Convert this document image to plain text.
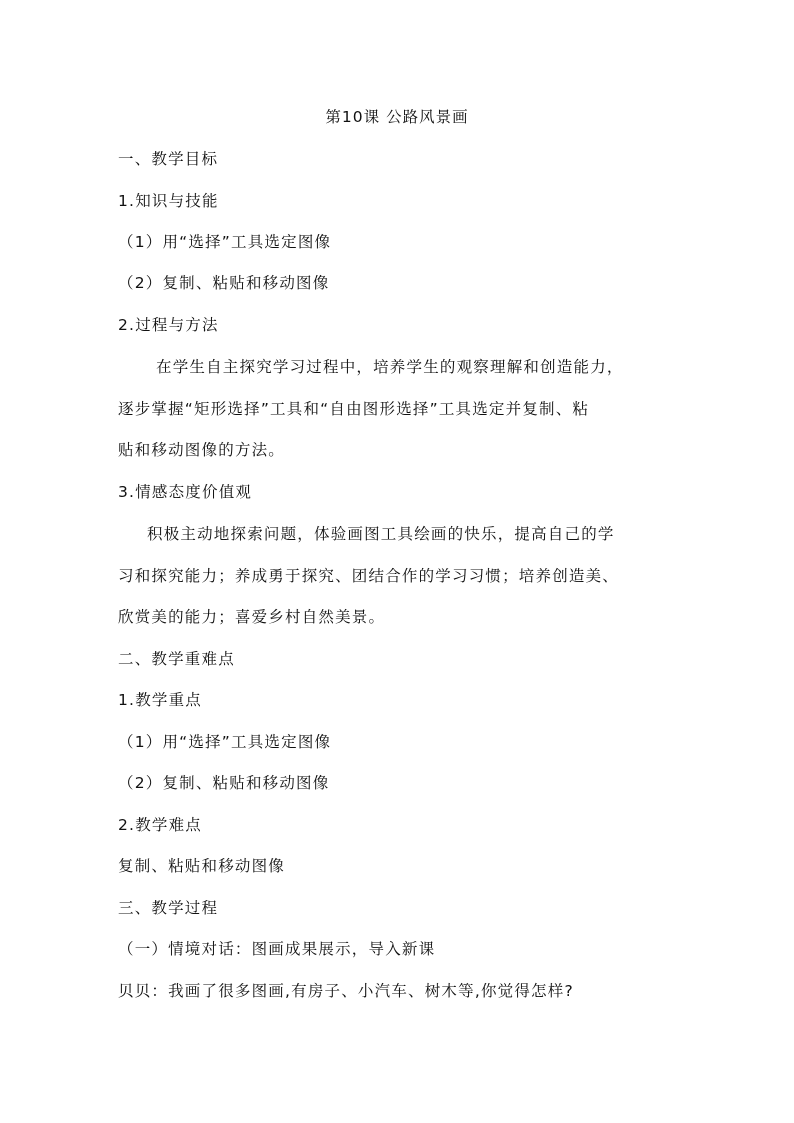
第10课 公路风景画
一、教学目标
1.知识与技能
（1）用“选择”工具选定图像
（2）复制、粘贴和移动图像
2.过程与方法
在学生自主探究学习过程中，培养学生的观察理解和创造能力，
逐步掌握“矩形选择”工具和“自由图形选择”工具选定并复制、粘
贴和移动图像的方法。
3.情感态度价值观
积极主动地探索问题，体验画图工具绘画的快乐，提高自己的学
习和探究能力；养成勇于探究、团结合作的学习习惯；培养创造美、
欣赏美的能力；喜爱乡村自然美景。
二、教学重难点
1.教学重点
（1）用“选择”工具选定图像
（2）复制、粘贴和移动图像
2.教学难点
复制、粘贴和移动图像
三、教学过程
（一）情境对话：图画成果展示，导入新课
贝贝：我画了很多图画,有房子、小汽车、树木等,你觉得怎样?
